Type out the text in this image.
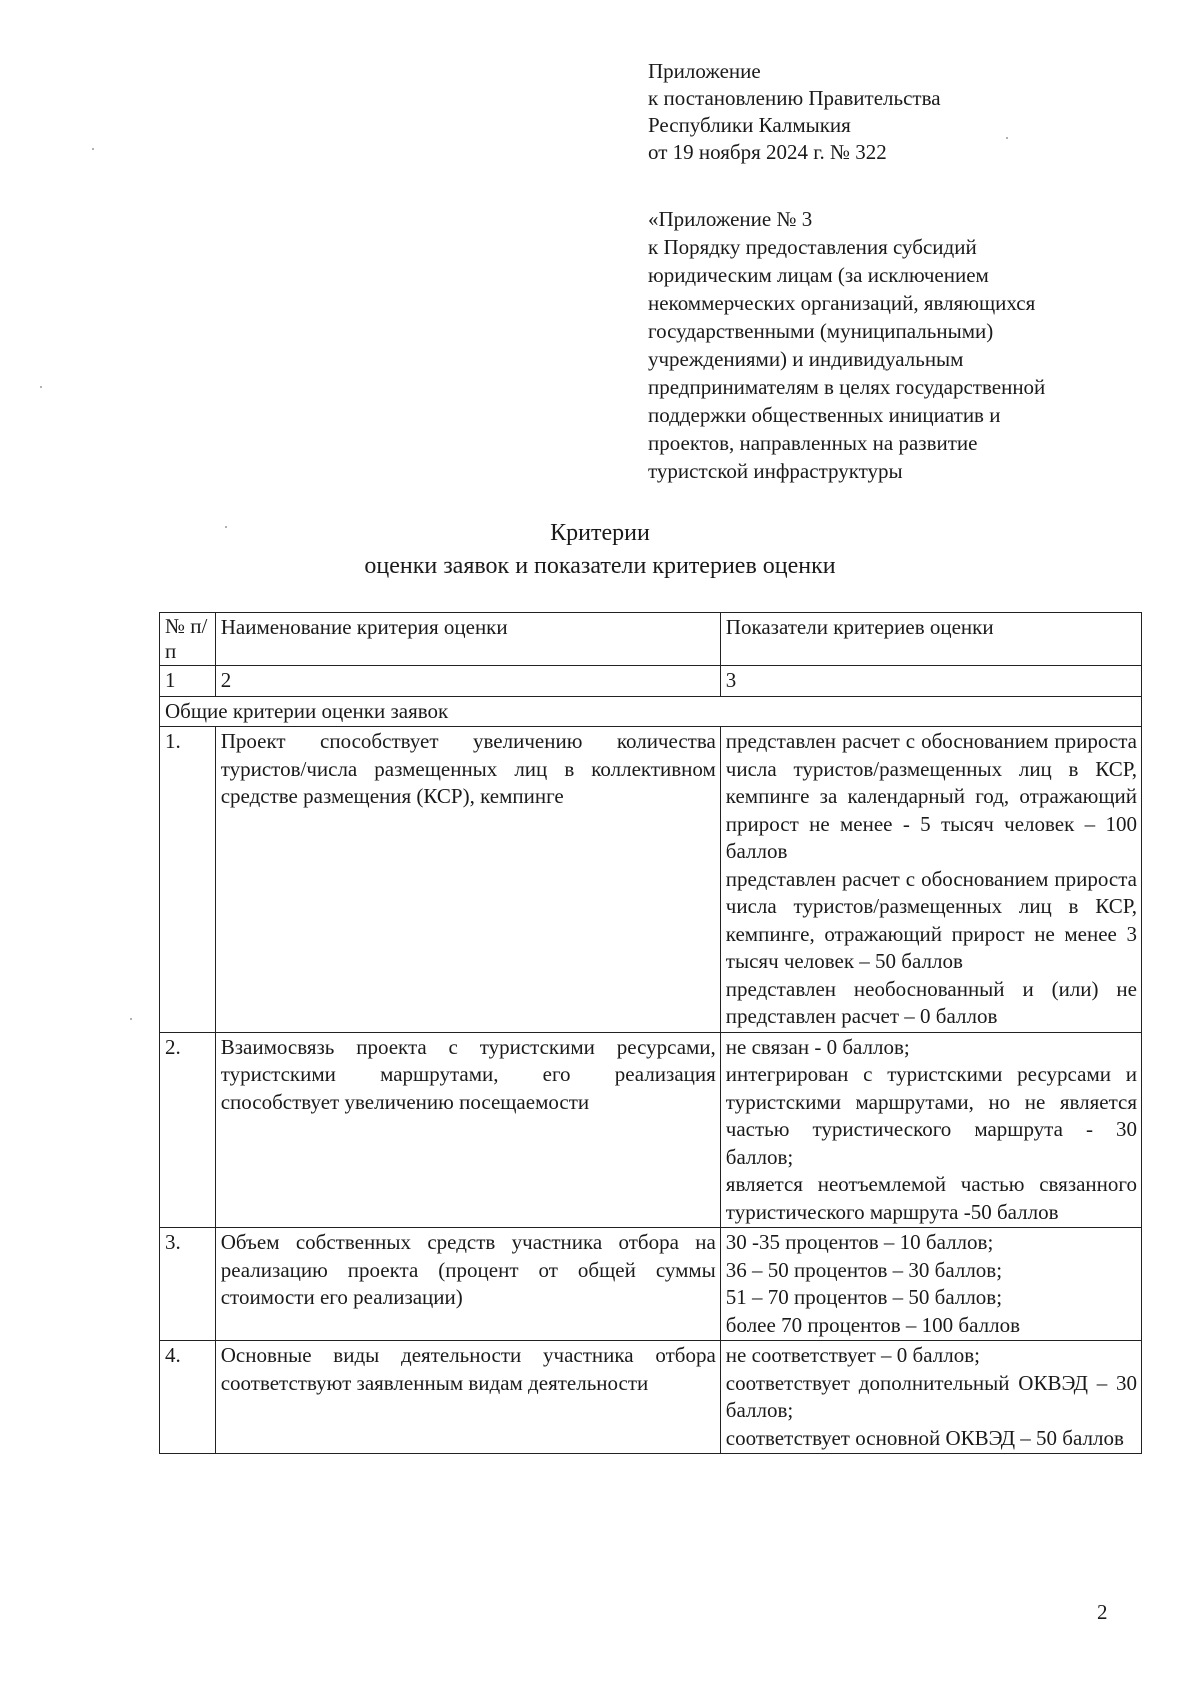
Приложение
к постановлению Правительства
Республики Калмыкия
от 19 ноября 2024 г. № 322
«Приложение № 3
к Порядку предоставления субсидий
юридическим лицам (за исключением
некоммерческих организаций, являющихся
государственными (муниципальными)
учреждениями) и индивидуальным
предпринимателям в целях государственной
поддержки общественных инициатив и
проектов, направленных на развитие
туристской инфраструктуры
Критерии
оценки заявок и показатели критериев оценки
№ п/п	Наименование критерия оценки	Показатели критериев оценки
1	2	3
Общие критерии оценки заявок		
1.	Проект способствует увеличению количества туристов/числа размещенных лиц в коллективном средстве размещения (КСР), кемпинге	представлен расчет с обоснованием прироста числа туристов/размещенных лиц в КСР, кемпинге за календарный год, отражающий прирост не менее - 5 тысяч человек – 100 баллов
представлен расчет с обоснованием прироста числа туристов/размещенных лиц в КСР, кемпинге, отражающий прирост не менее 3 тысяч человек – 50 баллов
представлен необоснованный и (или) не представлен расчет – 0 баллов

2.	Взаимосвязь проекта с туристскими ресурсами, туристскими маршрутами, его реализация способствует увеличению посещаемости	не связан - 0 баллов;
интегрирован с туристскими ресурсами и туристскими маршрутами, но не является частью туристического маршрута - 30 баллов;
является неотъемлемой частью связанного туристического маршрута -50 баллов

3.	Объем собственных средств участника отбора на реализацию проекта (процент от общей суммы стоимости его реализации)	30 -35 процентов – 10 баллов;
36 – 50 процентов – 30 баллов;
51 – 70 процентов – 50 баллов;
более 70 процентов – 100 баллов

4.	Основные виды деятельности участника отбора соответствуют заявленным видам деятельности	не соответствует – 0 баллов;
соответствует дополнительный ОКВЭД – 30 баллов;
соответствует основной ОКВЭД – 50 баллов
2
